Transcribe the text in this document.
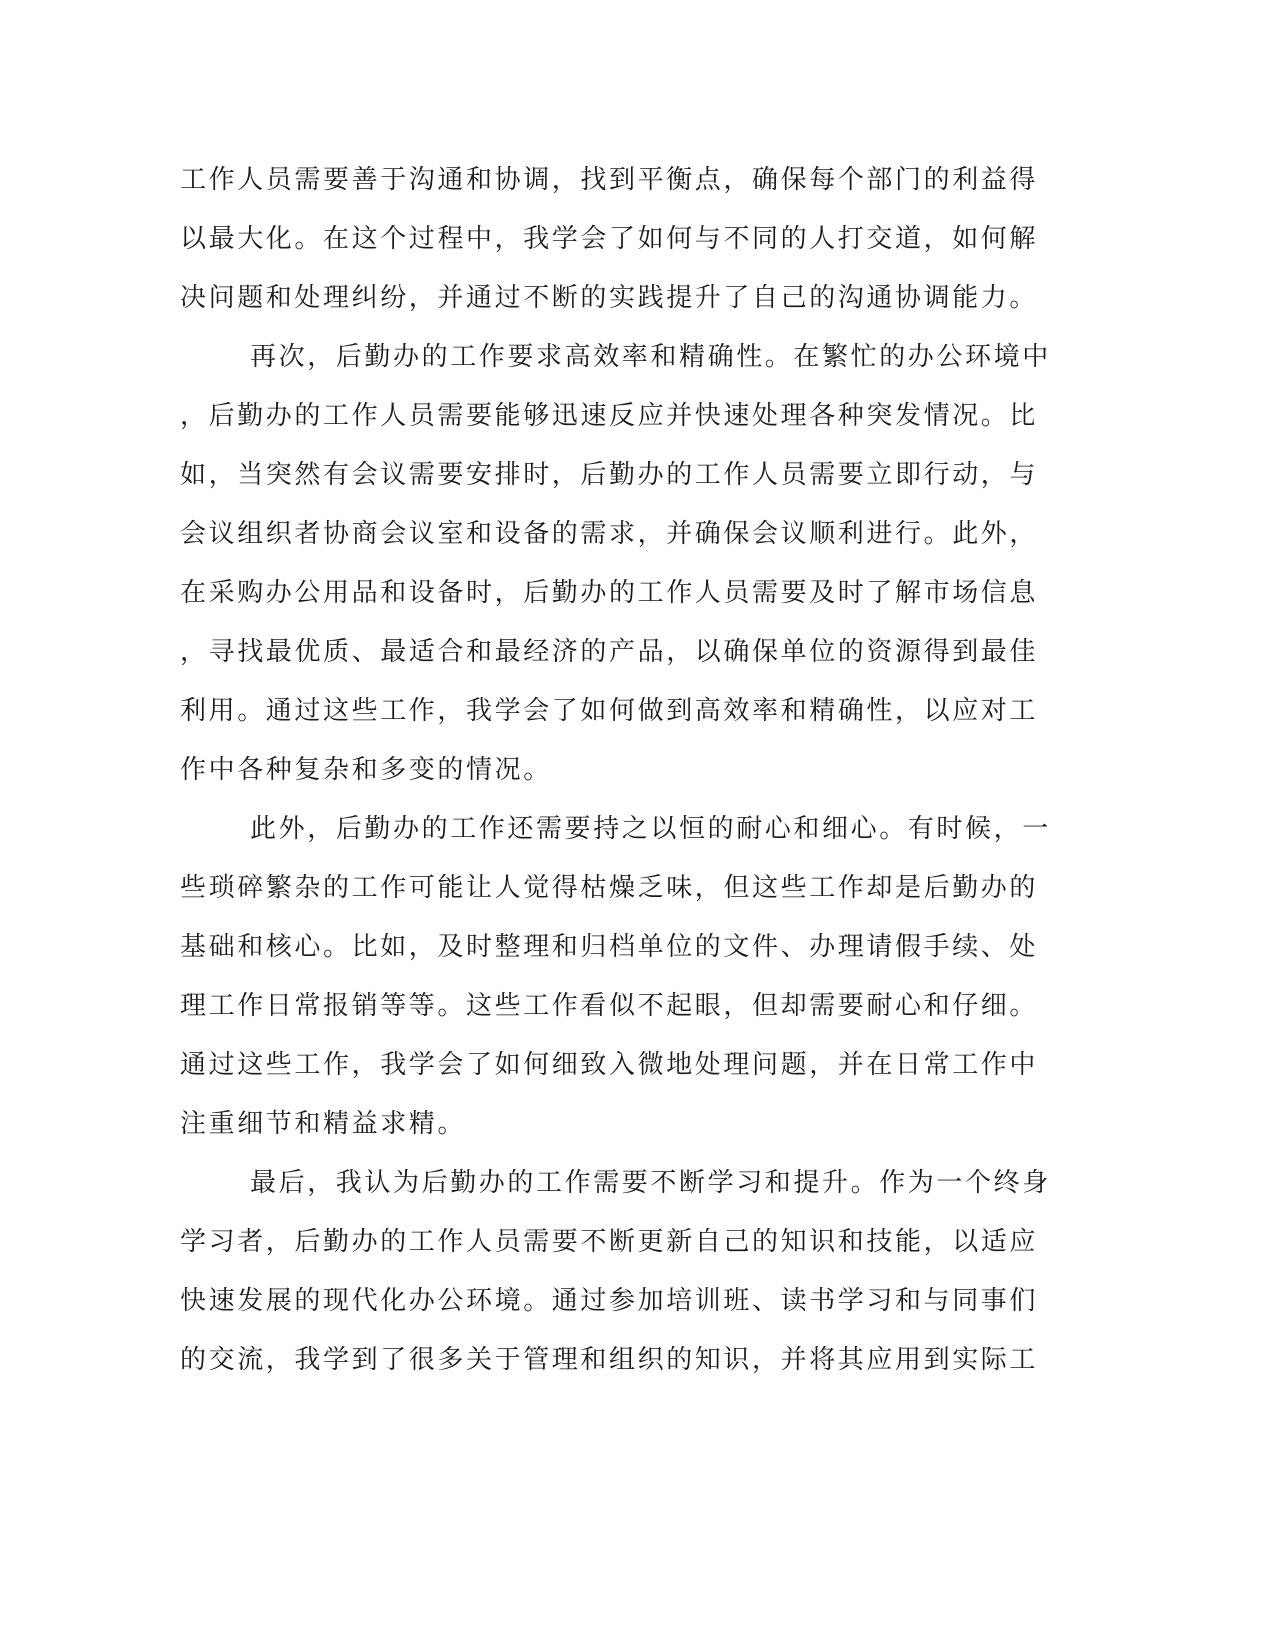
工作人员需要善于沟通和协调，找到平衡点，确保每个部门的利益得
以最大化。在这个过程中，我学会了如何与不同的人打交道，如何解
决问题和处理纠纷，并通过不断的实践提升了自己的沟通协调能力。
再次，后勤办的工作要求高效率和精确性。在繁忙的办公环境中
，后勤办的工作人员需要能够迅速反应并快速处理各种突发情况。比
如，当突然有会议需要安排时，后勤办的工作人员需要立即行动，与
会议组织者协商会议室和设备的需求，并确保会议顺利进行。此外，
在采购办公用品和设备时，后勤办的工作人员需要及时了解市场信息
，寻找最优质、最适合和最经济的产品，以确保单位的资源得到最佳
利用。通过这些工作，我学会了如何做到高效率和精确性，以应对工
作中各种复杂和多变的情况。
此外，后勤办的工作还需要持之以恒的耐心和细心。有时候，一
些琐碎繁杂的工作可能让人觉得枯燥乏味，但这些工作却是后勤办的
基础和核心。比如，及时整理和归档单位的文件、办理请假手续、处
理工作日常报销等等。这些工作看似不起眼，但却需要耐心和仔细。
通过这些工作，我学会了如何细致入微地处理问题，并在日常工作中
注重细节和精益求精。
最后，我认为后勤办的工作需要不断学习和提升。作为一个终身
学习者，后勤办的工作人员需要不断更新自己的知识和技能，以适应
快速发展的现代化办公环境。通过参加培训班、读书学习和与同事们
的交流，我学到了很多关于管理和组织的知识，并将其应用到实际工
